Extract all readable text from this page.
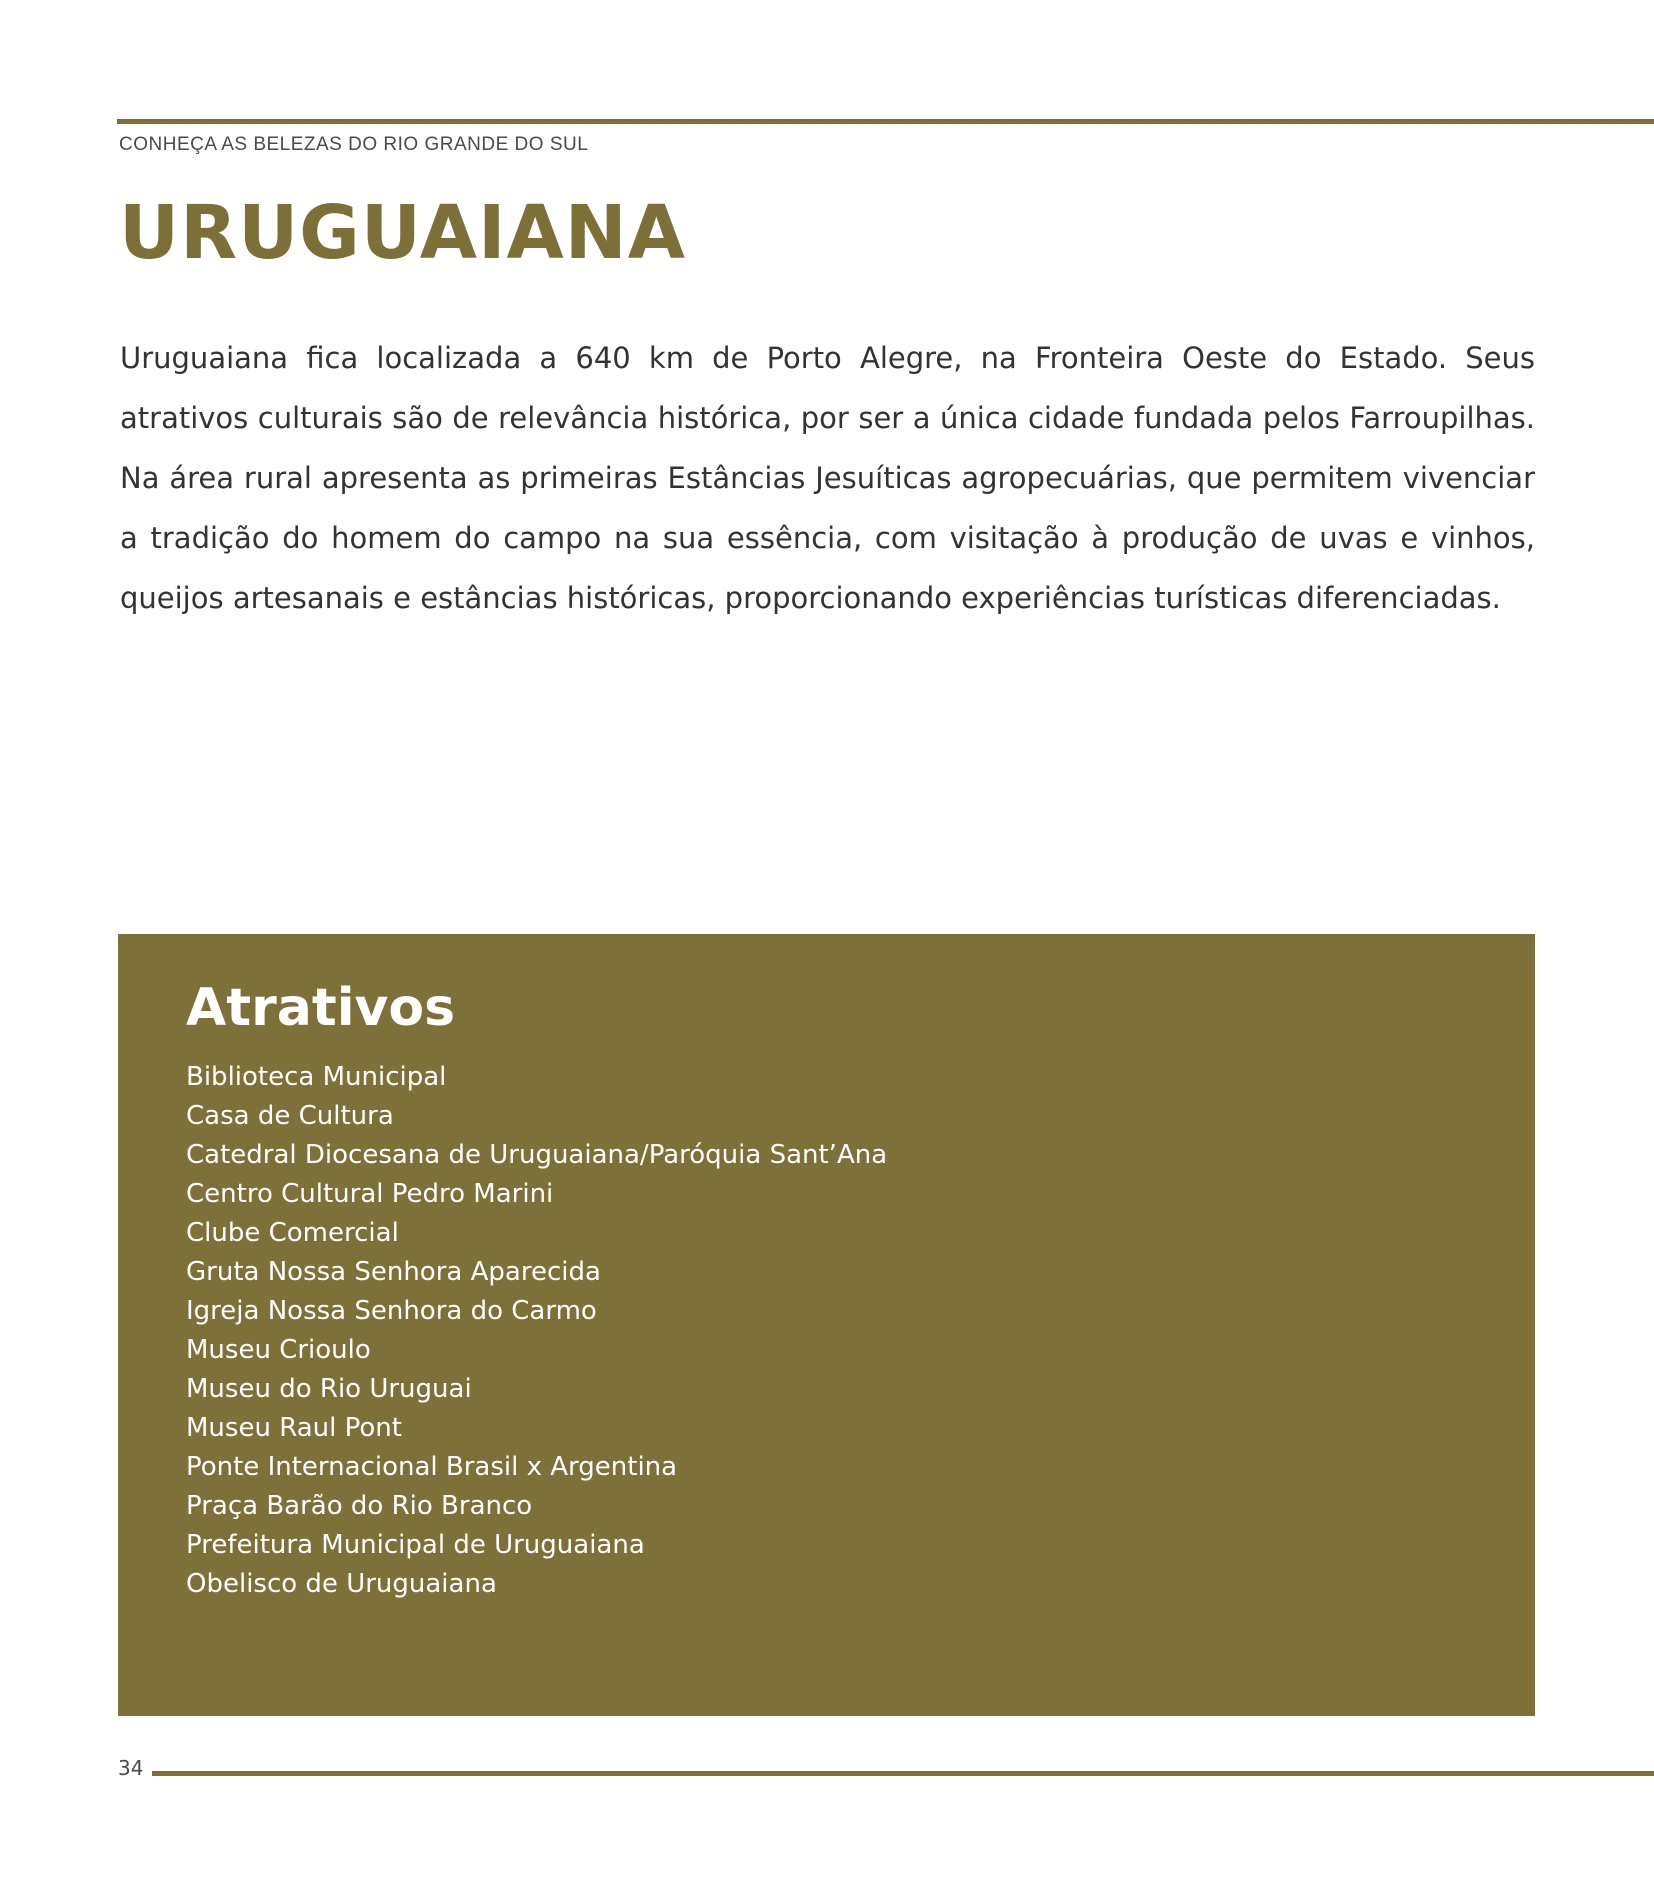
CONHEÇA AS BELEZAS DO RIO GRANDE DO SUL
URUGUAIANA

Uruguaiana fica localizada a 640 km de Porto Alegre, na Fronteira Oeste do Estado. Seus atrativos culturais são de relevância histórica, por ser a única cidade fundada pelos Farroupilhas. Na área rural apresenta as primeiras Estâncias Jesuíticas agropecuárias, que permitem vivenciar a tradição do homem do campo na sua essência, com visitação à produção de uvas e vinhos, queijos artesanais e estâncias históricas, proporcionando experiências turísticas diferenciadas.

Atrativos
Biblioteca Municipal
Casa de Cultura
Catedral Diocesana de Uruguaiana/Paróquia Sant’Ana
Centro Cultural Pedro Marini
Clube Comercial
Gruta Nossa Senhora Aparecida
Igreja Nossa Senhora do Carmo
Museu Crioulo
Museu do Rio Uruguai
Museu Raul Pont
Ponte Internacional Brasil x Argentina
Praça Barão do Rio Branco
Prefeitura Municipal de Uruguaiana
Obelisco de Uruguaiana
34
